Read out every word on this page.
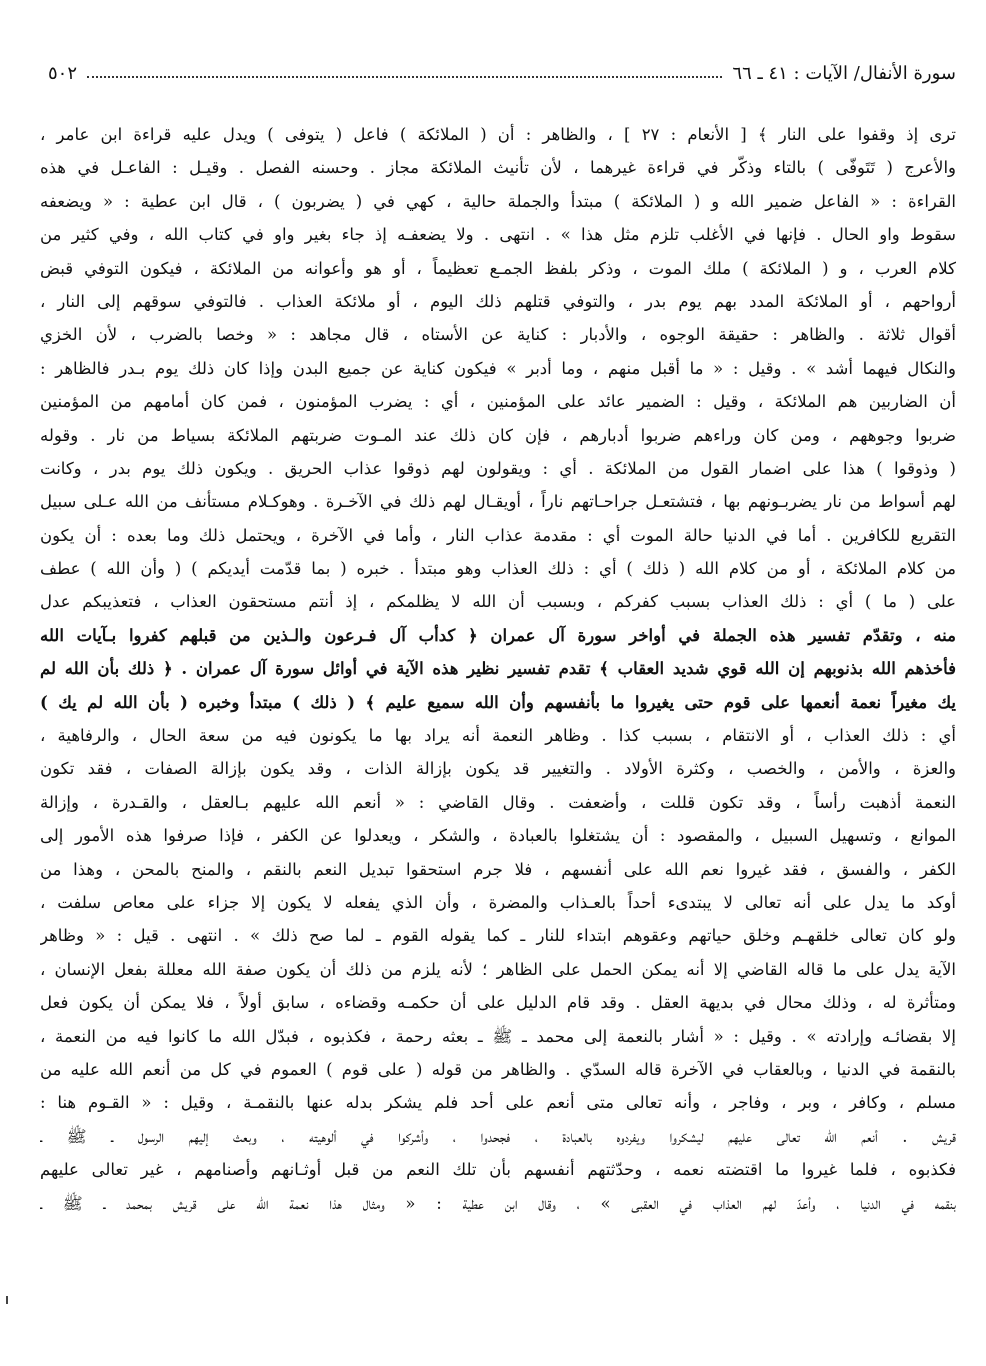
سورة الأنفال/ الآيات : ٤١ ـ ٦٦
٥٠٢
ترى إذ وقفوا على النار ﴾ [ الأنعام : ٢٧ ] ، والظاهر : أن ( الملائكة ) فاعل ( يتوفى ) ويدل عليه قراءة ابن عامر ،
والأعرج ( تَتَوفّى ) بالتاء وذكّر في قراءة غيرهما ، لأن تأنيث الملائكة مجاز . وحسنه الفصل . وقيـل : الفاعـل في هذه
القراءة : « الفاعل ضمير الله و ( الملائكة ) مبتدأ والجملة حالية ، كهي في ( يضربون ) ، قال ابن عطية : « ويضعفه
سقوط واو الحال . فإنها في الأغلب تلزم مثل هذا » . انتهى . ولا يضعفـه إذ جاء بغير واو في كتاب الله ، وفي كثير من
كلام العرب ، و ( الملائكة ) ملك الموت ، وذكر بلفظ الجمـع تعظيماً ، أو هو وأعوانه من الملائكة ، فيكون التوفي قبض
أرواحهم ، أو الملائكة المدد بهم يوم بدر ، والتوفي قتلهم ذلك اليوم ، أو ملائكة العذاب . فالتوفي سوقهم إلى النار ،
أقوال ثلاثة . والظاهر : حقيقة الوجوه ، والأدبار : كناية عن الأستاه ، قال مجاهد : « وخصا بالضرب ، لأن الخزي
والنكال فيهما أشد » . وقيل : « ما أقبل منهم ، وما أدبر » فيكون كناية عن جميع البدن وإذا كان ذلك يوم بـدر فالظاهر :
أن الضاربين هم الملائكة ، وقيل : الضمير عائد على المؤمنين ، أي : يضرب المؤمنون ، فمن كان أمامهم من المؤمنين
ضربوا وجوههم ، ومن كان وراءهم ضربوا أدبارهم ، فإن كان ذلك عند المـوت ضربتهم الملائكة بسياط من نار . وقوله
( وذوقوا ) هذا على اضمار القول من الملائكة . أي : ويقولون لهم ذوقوا عذاب الحريق . ويكون ذلك يوم بدر ، وكانت
لهم أسواط من نار يضربـونهم بها ، فتشتعـل جراحـاتهم ناراً ، أويقـال لهم ذلك في الآخـرة . وهوكـلام مستأنف من الله عـلى سبيل
التقريع للكافرين . أما في الدنيا حالة الموت أي : مقدمة عذاب النار ، وأما في الآخرة ، ويحتمل ذلك وما بعده : أن يكون
من كلام الملائكة ، أو من كلام الله ( ذلك ) أي : ذلك العذاب وهو مبتدأ . خبره ( بما قدّمت أيديكم ) ( وأن الله ) عطف
على ( ما ) أي : ذلك العذاب بسبب كفركم ، وبسبب أن الله لا يظلمكم ، إذ أنتم مستحقون العذاب ، فتعذيبكم عدل
منه ، وتقدّم تفسير هذه الجملة في أواخر سورة آل عمران ﴿ كدأب آل فـرعون والـذين من قبلهم كفروا بـآيات الله
فأخذهم الله بذنوبهم إن الله قوي شديد العقاب ﴾ تقدم تفسير نظير هذه الآية في أوائل سورة آل عمران . ﴿ ذلك بأن الله لم
يك مغيراً نعمة أنعمها على قوم حتى يغيروا ما بأنفسهم وأن الله سميع عليم ﴾ ( ذلك ) مبتدأ وخبره ( بأن الله لم يك )
أي : ذلك العذاب ، أو الانتقام ، بسبب كذا . وظاهر النعمة أنه يراد بها ما يكونون فيه من سعة الحال ، والرفاهية ،
والعزة ، والأمن ، والخصب ، وكثرة الأولاد . والتغيير قد يكون بإزالة الذات ، وقد يكون بإزالة الصفات ، فقد تكون
النعمة أذهبت رأساً ، وقد تكون قللت ، وأضعفت . وقال القاضي : « أنعم الله عليهم بـالعقل ، والقـدرة ، وإزالة
الموانع ، وتسهيل السبيل ، والمقصود : أن يشتغلوا بالعبادة ، والشكر ، ويعدلوا عن الكفر ، فإذا صرفوا هذه الأمور إلى
الكفر ، والفسق ، فقد غيروا نعم الله على أنفسهم ، فلا جرم استحقوا تبديل النعم بالنقم ، والمنح بالمحن ، وهذا من
أوكد ما يدل على أنه تعالى لا يبتدىء أحداً بالعـذاب والمضرة ، وأن الذي يفعله لا يكون إلا جزاء على معاص سلفت ،
ولو كان تعالى خلقهـم وخلق حياتهم وعقوهم ابتداء للنار ـ كما يقوله القوم ـ لما صح ذلك » . انتهى . قيل : « وظاهر
الآية يدل على ما قاله القاضي إلا أنه يمكن الحمل على الظاهر ؛ لأنه يلزم من ذلك أن يكون صفة الله معللة بفعل الإنسان ،
ومتأثرة له ، وذلك محال في بديهة العقل . وقد قام الدليل على أن حكمـه وقضاءه ، سابق أولاً ، فلا يمكن أن يكون فعل
إلا بقضائـه وإرادته » . وقيل : « أشار بالنعمة إلى محمد ـ ﷺ ـ بعثه رحمة ، فكذبوه ، فبدّل الله ما كانوا فيه من النعمة ،
بالنقمة في الدنيا ، وبالعقاب في الآخرة قاله السدّي . والظاهر من قوله ( على قوم ) العموم في كل من أنعم الله عليه من
مسلم ، وكافر ، وبر ، وفاجر ، وأنه تعالى متى أنعم على أحد فلم يشكر بدله عنها بالنقمـة ، وقيل : « القـوم هنا :
قريش . أنعم الله تعالى عليهم ليشكروا ويفردوه بالعبادة ، فجحدوا ، وأشركوا في ألوهيته ، وبعث إليهم الرسول ـ ﷺ ـ
فكذبوه ، فلما غيروا ما اقتضته نعمه ، وحدّثتهم أنفسهم بأن تلك النعم من قبل أوثـانهم وأصنامهم ، غير تعالى عليهم
بنقمه في الدنيا ، وأعدّ لهم العذاب في العقبى » ، وقال ابن عطية : « ومثال هذا نعمة الله على قريش بمحمد ـ ﷺ ـ
